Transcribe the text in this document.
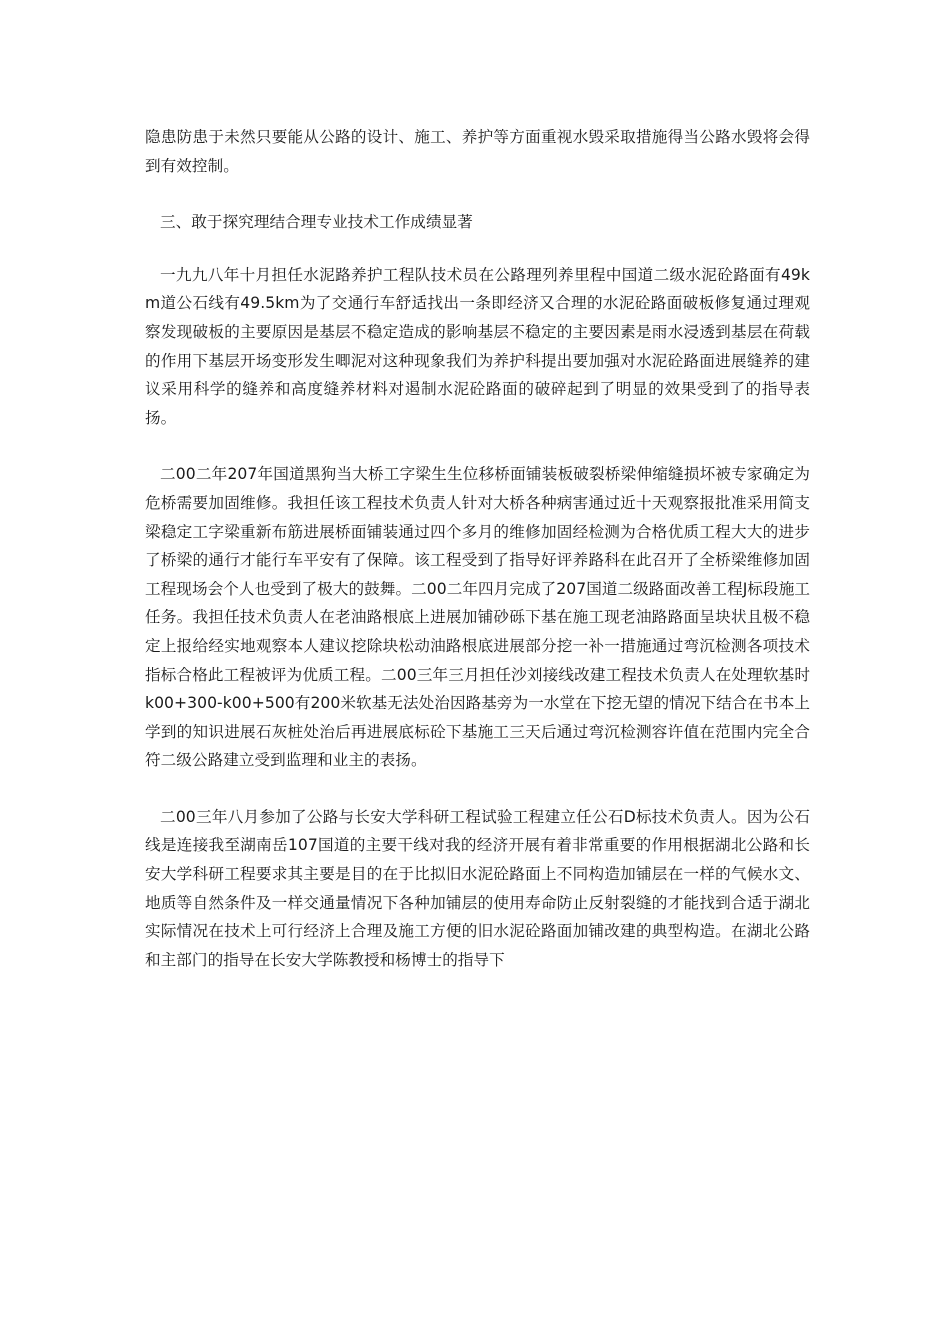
隐患防患于未然只要能从公路的设计、施工、养护等方面重视水毁采取措施得当公路水毁将会得到有效控制。

三、敢于探究理结合理专业技术工作成绩显著

一九九八年十月担任水泥路养护工程队技术员在公路理列养里程中国道二级水泥砼路面有49km道公石线有49.5km为了交通行车舒适找出一条即经济又合理的水泥砼路面破板修复通过理观察发现破板的主要原因是基层不稳定造成的影响基层不稳定的主要因素是雨水浸透到基层在荷载的作用下基层开场变形发生唧泥对这种现象我们为养护科提出要加强对水泥砼路面进展缝养的建议采用科学的缝养和高度缝养材料对遏制水泥砼路面的破碎起到了明显的效果受到了的指导表扬。

二00二年207年国道黑狗当大桥工字梁生生位移桥面铺装板破裂桥梁伸缩缝损坏被专家确定为危桥需要加固维修。我担任该工程技术负责人针对大桥各种病害通过近十天观察报批准采用简支梁稳定工字梁重新布筋进展桥面铺装通过四个多月的维修加固经检测为合格优质工程大大的进步了桥梁的通行才能行车平安有了保障。该工程受到了指导好评养路科在此召开了全桥梁维修加固工程现场会个人也受到了极大的鼓舞。二00二年四月完成了207国道二级路面改善工程J标段施工任务。我担任技术负责人在老油路根底上进展加铺砂砾下基在施工现老油路路面呈块状且极不稳定上报给经实地观察本人建议挖除块松动油路根底进展部分挖一补一措施通过弯沉检测各项技术指标合格此工程被评为优质工程。二00三年三月担任沙刘接线改建工程技术负责人在处理软基时k00+300-k00+500有200米软基无法处治因路基旁为一水堂在下挖无望的情况下结合在书本上学到的知识进展石灰桩处治后再进展底标砼下基施工三天后通过弯沉检测容许值在范围内完全合符二级公路建立受到监理和业主的表扬。

二00三年八月参加了公路与长安大学科研工程试验工程建立任公石D标技术负责人。因为公石线是连接我至湖南岳107国道的主要干线对我的经济开展有着非常重要的作用根据湖北公路和长安大学科研工程要求其主要是目的在于比拟旧水泥砼路面上不同构造加铺层在一样的气候水文、地质等自然条件及一样交通量情况下各种加铺层的使用寿命防止反射裂缝的才能找到合适于湖北实际情况在技术上可行经济上合理及施工方便的旧水泥砼路面加铺改建的典型构造。在湖北公路和主部门的指导在长安大学陈教授和杨博士的指导下
